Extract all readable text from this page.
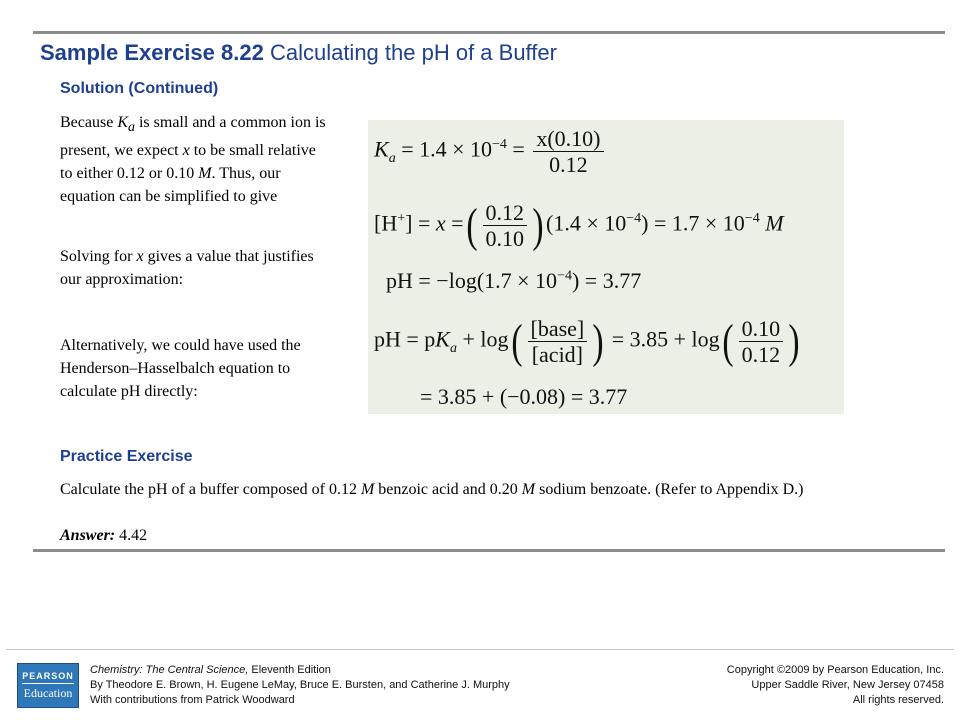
Sample Exercise 8.22 Calculating the pH of a Buffer
Solution (Continued)
Because $K_a$ is small and a common ion is present, we expect x to be small relative to either 0.12 or 0.10 M. Thus, our equation can be simplified to give
Solving for x gives a value that justifies our approximation:
Alternatively, we could have used the Henderson–Hasselbalch equation to calculate pH directly:
$K_a = 1.4 \times 10^{-4} = \frac{x(0.10)}{0.12}$
[H+] = x =( $\frac{0.12}{0.10}$ ) $(1.4 \times 10^{-4}) = 1.7 \times 10^{-4}$ M
pH = $-\log(1.7 \times 10^{-4}) = 3.77$
pH = $pK_a + \log( \frac{\text{[base]}}{\text{[acid]}}$ ) = $3.85 + \log( \frac{0.10}{0.12}$ )
= 3.85 + (−0.08) = 3.77
Practice Exercise
Calculate the pH of a buffer composed of 0.12 M benzoic acid and 0.20 M sodium benzoate. (Refer to Appendix D.)
Answer: 4.42
PEARSON
Education
Chemistry: The Central Science, Eleventh Edition
By Theodore E. Brown, H. Eugene LeMay, Bruce E. Bursten, and Catherine J. Murphy
With contributions from Patrick Woodward
Copyright ©2009 by Pearson Education, Inc.
Upper Saddle River, New Jersey 07458
All rights reserved.
